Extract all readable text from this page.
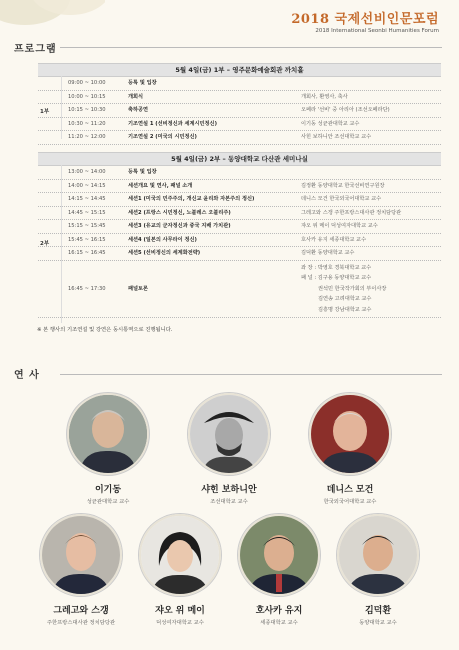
2018 국제선비인문포럼
2018 International Seonbi Humanities Forum
프로그램
5월 4일(금) 1부 – 영주문화예술회관 까치홀
09:00 ~ 10:00	등록 및 입장
10:00 ~ 10:15	개회식	개회사, 환영사, 축사
10:15 ~ 10:30	축하공연	오페라 '선비' 중 아리아 (조선오페라단)
10:30 ~ 11:20	기조연설 1 (선비정신과 세계시민정신)	이기동 성균관대학교 교수
11:20 ~ 12:00	기조연설 2 (미국의 시민정신)	사힌 보하니안 조선대학교 교수
1부
5월 4일(금) 2부 – 동양대학교 다산관 세미나실
13:00 ~ 14:00	등록 및 입장
14:00 ~ 14:15	세션개요 및 연사, 패널 소개	김정환 동양대학교 한국선비연구원장
14:15 ~ 14:45	세션1 (미국의 민주주의, 개신교 윤리와 자본주의 정신)	데니스 모건 한국외국어대학교 교수
14:45 ~ 15:15	세션2 (프랑스 시민정신, 노블레스 오블리주)	그레고와 스갱 주한프랑스대사관 정치담당관
15:15 ~ 15:45	세션3 (유교의 군자정신과 중국 지배 가치관)	쟈오 위 메이 덕성여자대학교 교수
15:45 ~ 16:15	세션4 (일본의 사무라이 정신)	호사카 유지 세종대학교 교수
16:15 ~ 16:45	세션5 (선비정신의 세계화전략)	김덕환 동양대학교 교수
16:45 ~ 17:30	패널토론
좌 장 : 박영호 경북대학교 교수
패 널 : 김구용 동양대학교 교수
권석민 한국작가회의 부이사장
김연송 고려대학교 교수
김흥명 강남대학교 교수
2부
※ 본 행사의 기조연설 및 강연은 동시통역으로 진행됩니다.
연 사
이기동
성균관대학교 교수
샤힌 보하니안
조선대학교 교수
데니스 모건
한국외국어대학교 교수
그레고와 스갱
주한프랑스대사관 정치담당관
쟈오 위 메이
덕성여자대학교 교수
호사카 유지
세종대학교 교수
김덕환
동양대학교 교수
